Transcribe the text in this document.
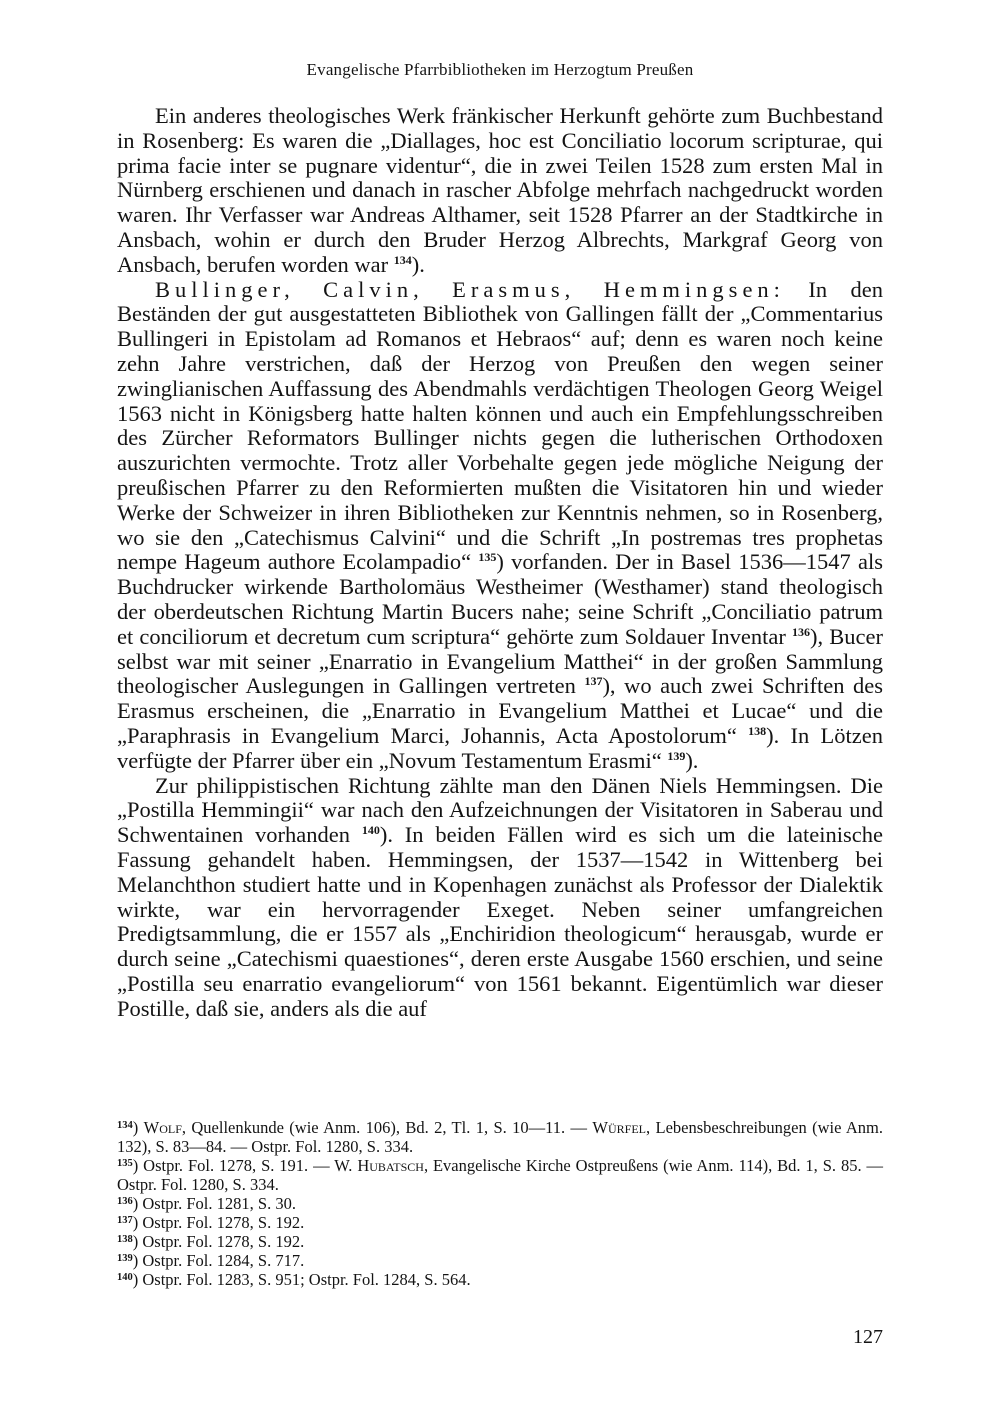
Evangelische Pfarrbibliotheken im Herzogtum Preußen

Ein anderes theologisches Werk fränkischer Herkunft gehörte zum Buchbestand in Rosenberg: Es waren die „Diallages, hoc est Conciliatio locorum scripturae, qui prima facie inter se pugnare videntur“, die in zwei Teilen 1528 zum ersten Mal in Nürnberg erschienen und danach in rascher Abfolge mehrfach nachgedruckt worden waren. Ihr Verfasser war Andreas Althamer, seit 1528 Pfarrer an der Stadtkirche in Ansbach, wohin er durch den Bruder Herzog Albrechts, Markgraf Georg von Ansbach, berufen worden war $^{134}$).

Bullinger, Calvin, Erasmus, Hemmingsen: In den Beständen der gut ausgestatteten Bibliothek von Gallingen fällt der „Commentarius Bullingeri in Epistolam ad Romanos et Hebraos“ auf; denn es waren noch keine zehn Jahre verstrichen, daß der Herzog von Preußen den wegen seiner zwinglianischen Auffassung des Abendmahls verdächtigen Theologen Georg Weigel 1563 nicht in Königsberg hatte halten können und auch ein Empfehlungsschreiben des Zürcher Reformators Bullinger nichts gegen die lutherischen Orthodoxen auszurichten vermochte. Trotz aller Vorbehalte gegen jede mögliche Neigung der preußischen Pfarrer zu den Reformierten mußten die Visitatoren hin und wieder Werke der Schweizer in ihren Bibliotheken zur Kenntnis nehmen, so in Rosenberg, wo sie den „Catechismus Calvini“ und die Schrift „In postremas tres prophetas nempe Hageum authore Ecolampadio“ $^{135}$) vorfanden. Der in Basel 1536—1547 als Buchdrucker wirkende Bartholomäus Westheimer (Westhamer) stand theologisch der oberdeutschen Richtung Martin Bucers nahe; seine Schrift „Conciliatio patrum et conciliorum et decretum cum scriptura“ gehörte zum Soldauer Inventar $^{136}$), Bucer selbst war mit seiner „Enarratio in Evangelium Matthei“ in der großen Sammlung theologischer Auslegungen in Gallingen vertreten $^{137}$), wo auch zwei Schriften des Erasmus erscheinen, die „Enarratio in Evangelium Matthei et Lucae“ und die „Paraphrasis in Evangelium Marci, Johannis, Acta Apostolorum“ $^{138}$). In Lötzen verfügte der Pfarrer über ein „Novum Testamentum Erasmi“ $^{139}$).

Zur philippistischen Richtung zählte man den Dänen Niels Hemmingsen. Die „Postilla Hemmingii“ war nach den Aufzeichnungen der Visitatoren in Saberau und Schwentainen vorhanden $^{140}$). In beiden Fällen wird es sich um die lateinische Fassung gehandelt haben. Hemmingsen, der 1537—1542 in Wittenberg bei Melanchthon studiert hatte und in Kopenhagen zunächst als Professor der Dialektik wirkte, war ein hervorragender Exeget. Neben seiner umfangreichen Predigtsammlung, die er 1557 als „Enchiridion theologicum“ herausgab, wurde er durch seine „Catechismi quaestiones“, deren erste Ausgabe 1560 erschien, und seine „Postilla seu enarratio evangeliorum“ von 1561 bekannt. Eigentümlich war dieser Postille, daß sie, anders als die auf

$^{134}$) Wolf, Quellenkunde (wie Anm. 106), Bd. 2, Tl. 1, S. 10—11. — Würfel, Lebensbeschreibungen (wie Anm. 132), S. 83—84. — Ostpr. Fol. 1280, S. 334.

$^{135}$) Ostpr. Fol. 1278, S. 191. — W. Hubatsch, Evangelische Kirche Ostpreußens (wie Anm. 114), Bd. 1, S. 85. — Ostpr. Fol. 1280, S. 334.

$^{136}$) Ostpr. Fol. 1281, S. 30.

$^{137}$) Ostpr. Fol. 1278, S. 192.

$^{138}$) Ostpr. Fol. 1278, S. 192.

$^{139}$) Ostpr. Fol. 1284, S. 717.

$^{140}$) Ostpr. Fol. 1283, S. 951; Ostpr. Fol. 1284, S. 564.

127
